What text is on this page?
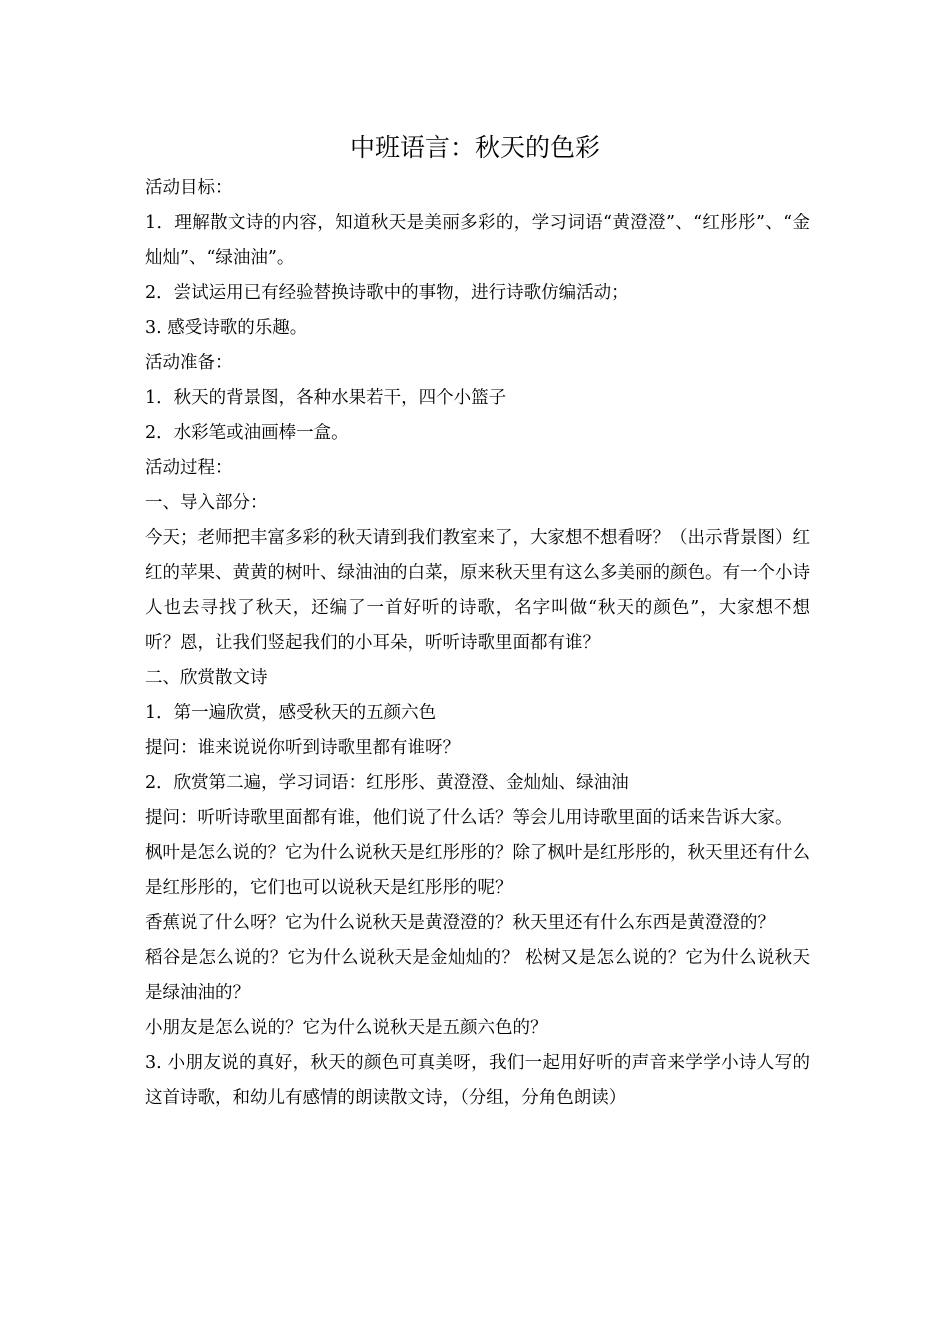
中班语言：秋天的色彩

活动目标：

1．理解散文诗的内容，知道秋天是美丽多彩的，学习词语“黄澄澄”、“红彤彤”、“金灿灿”、“绿油油”。

2．尝试运用已有经验替换诗歌中的事物，进行诗歌仿编活动；

3. 感受诗歌的乐趣。

活动准备：

1．秋天的背景图，各种水果若干，四个小篮子

2．水彩笔或油画棒一盒。

活动过程：

一、导入部分：

今天；老师把丰富多彩的秋天请到我们教室来了，大家想不想看呀？（出示背景图）红红的苹果、黄黄的树叶、绿油油的白菜，原来秋天里有这么多美丽的颜色。有一个小诗人也去寻找了秋天，还编了一首好听的诗歌，名字叫做“秋天的颜色”，大家想不想听？恩，让我们竖起我们的小耳朵，听听诗歌里面都有谁？

二、欣赏散文诗

1．第一遍欣赏，感受秋天的五颜六色

提问：谁来说说你听到诗歌里都有谁呀？

2．欣赏第二遍，学习词语：红彤彤、黄澄澄、金灿灿、绿油油

提问：听听诗歌里面都有谁，他们说了什么话？等会儿用诗歌里面的话来告诉大家。

枫叶是怎么说的？它为什么说秋天是红彤彤的？除了枫叶是红彤彤的，秋天里还有什么是红彤彤的，它们也可以说秋天是红彤彤的呢？

香蕉说了什么呀？它为什么说秋天是黄澄澄的？秋天里还有什么东西是黄澄澄的？

稻谷是怎么说的？它为什么说秋天是金灿灿的？ 松树又是怎么说的？它为什么说秋天是绿油油的？

小朋友是怎么说的？它为什么说秋天是五颜六色的？

3. 小朋友说的真好，秋天的颜色可真美呀，我们一起用好听的声音来学学小诗人写的这首诗歌，和幼儿有感情的朗读散文诗，（分组，分角色朗读）
